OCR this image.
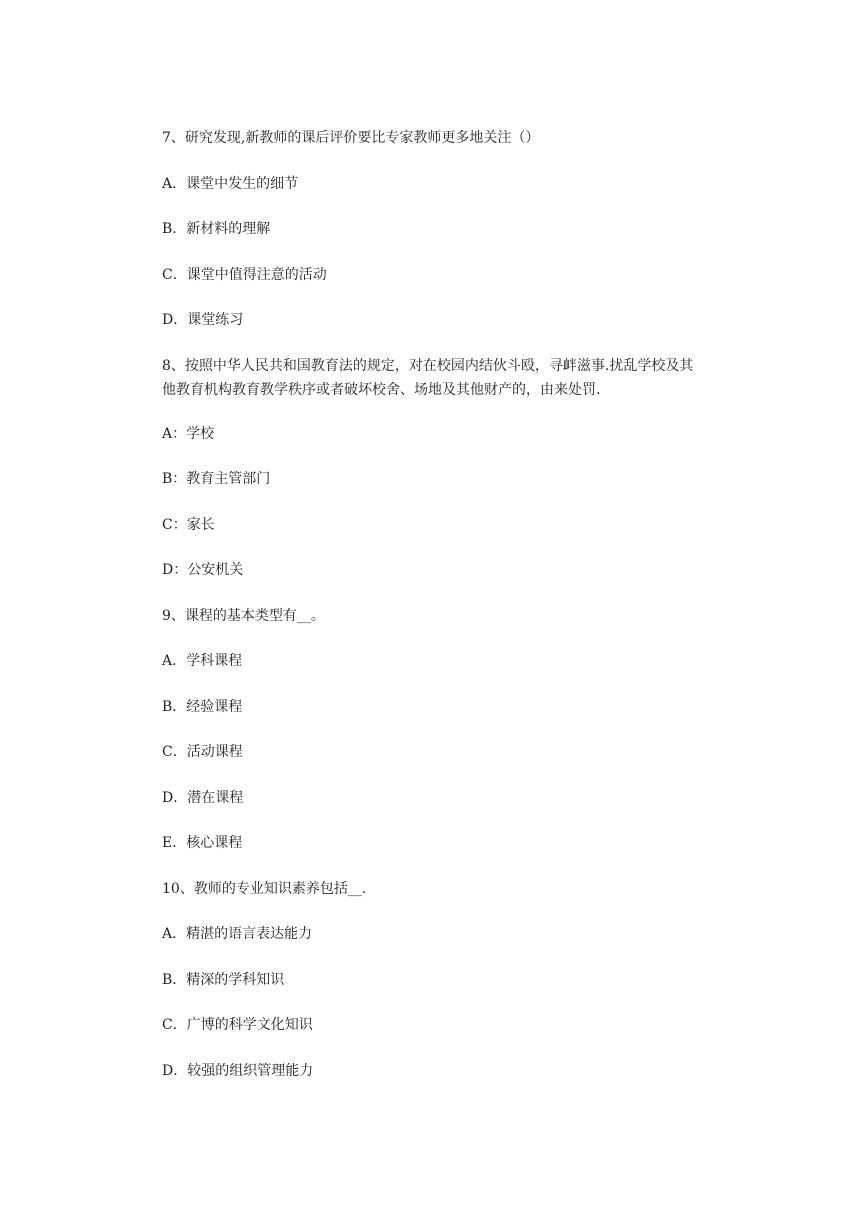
7、研究发现,新教师的课后评价要比专家教师更多地关注（）
A．课堂中发生的细节
B．新材料的理解
C．课堂中值得注意的活动
D．课堂练习
8、按照中华人民共和国教育法的规定，对在校园内结伙斗殴，寻衅滋事.扰乱学校及其
他教育机构教育教学秩序或者破坏校舍、场地及其他财产的，由来处罚.
A：学校
B：教育主管部门
C：家长
D：公安机关
9、课程的基本类型有__。
A．学科课程
B．经验课程
C．活动课程
D．潜在课程
E．核心课程
10、教师的专业知识素养包括__.
A．精湛的语言表达能力
B．精深的学科知识
C．广博的科学文化知识
D．较强的组织管理能力
